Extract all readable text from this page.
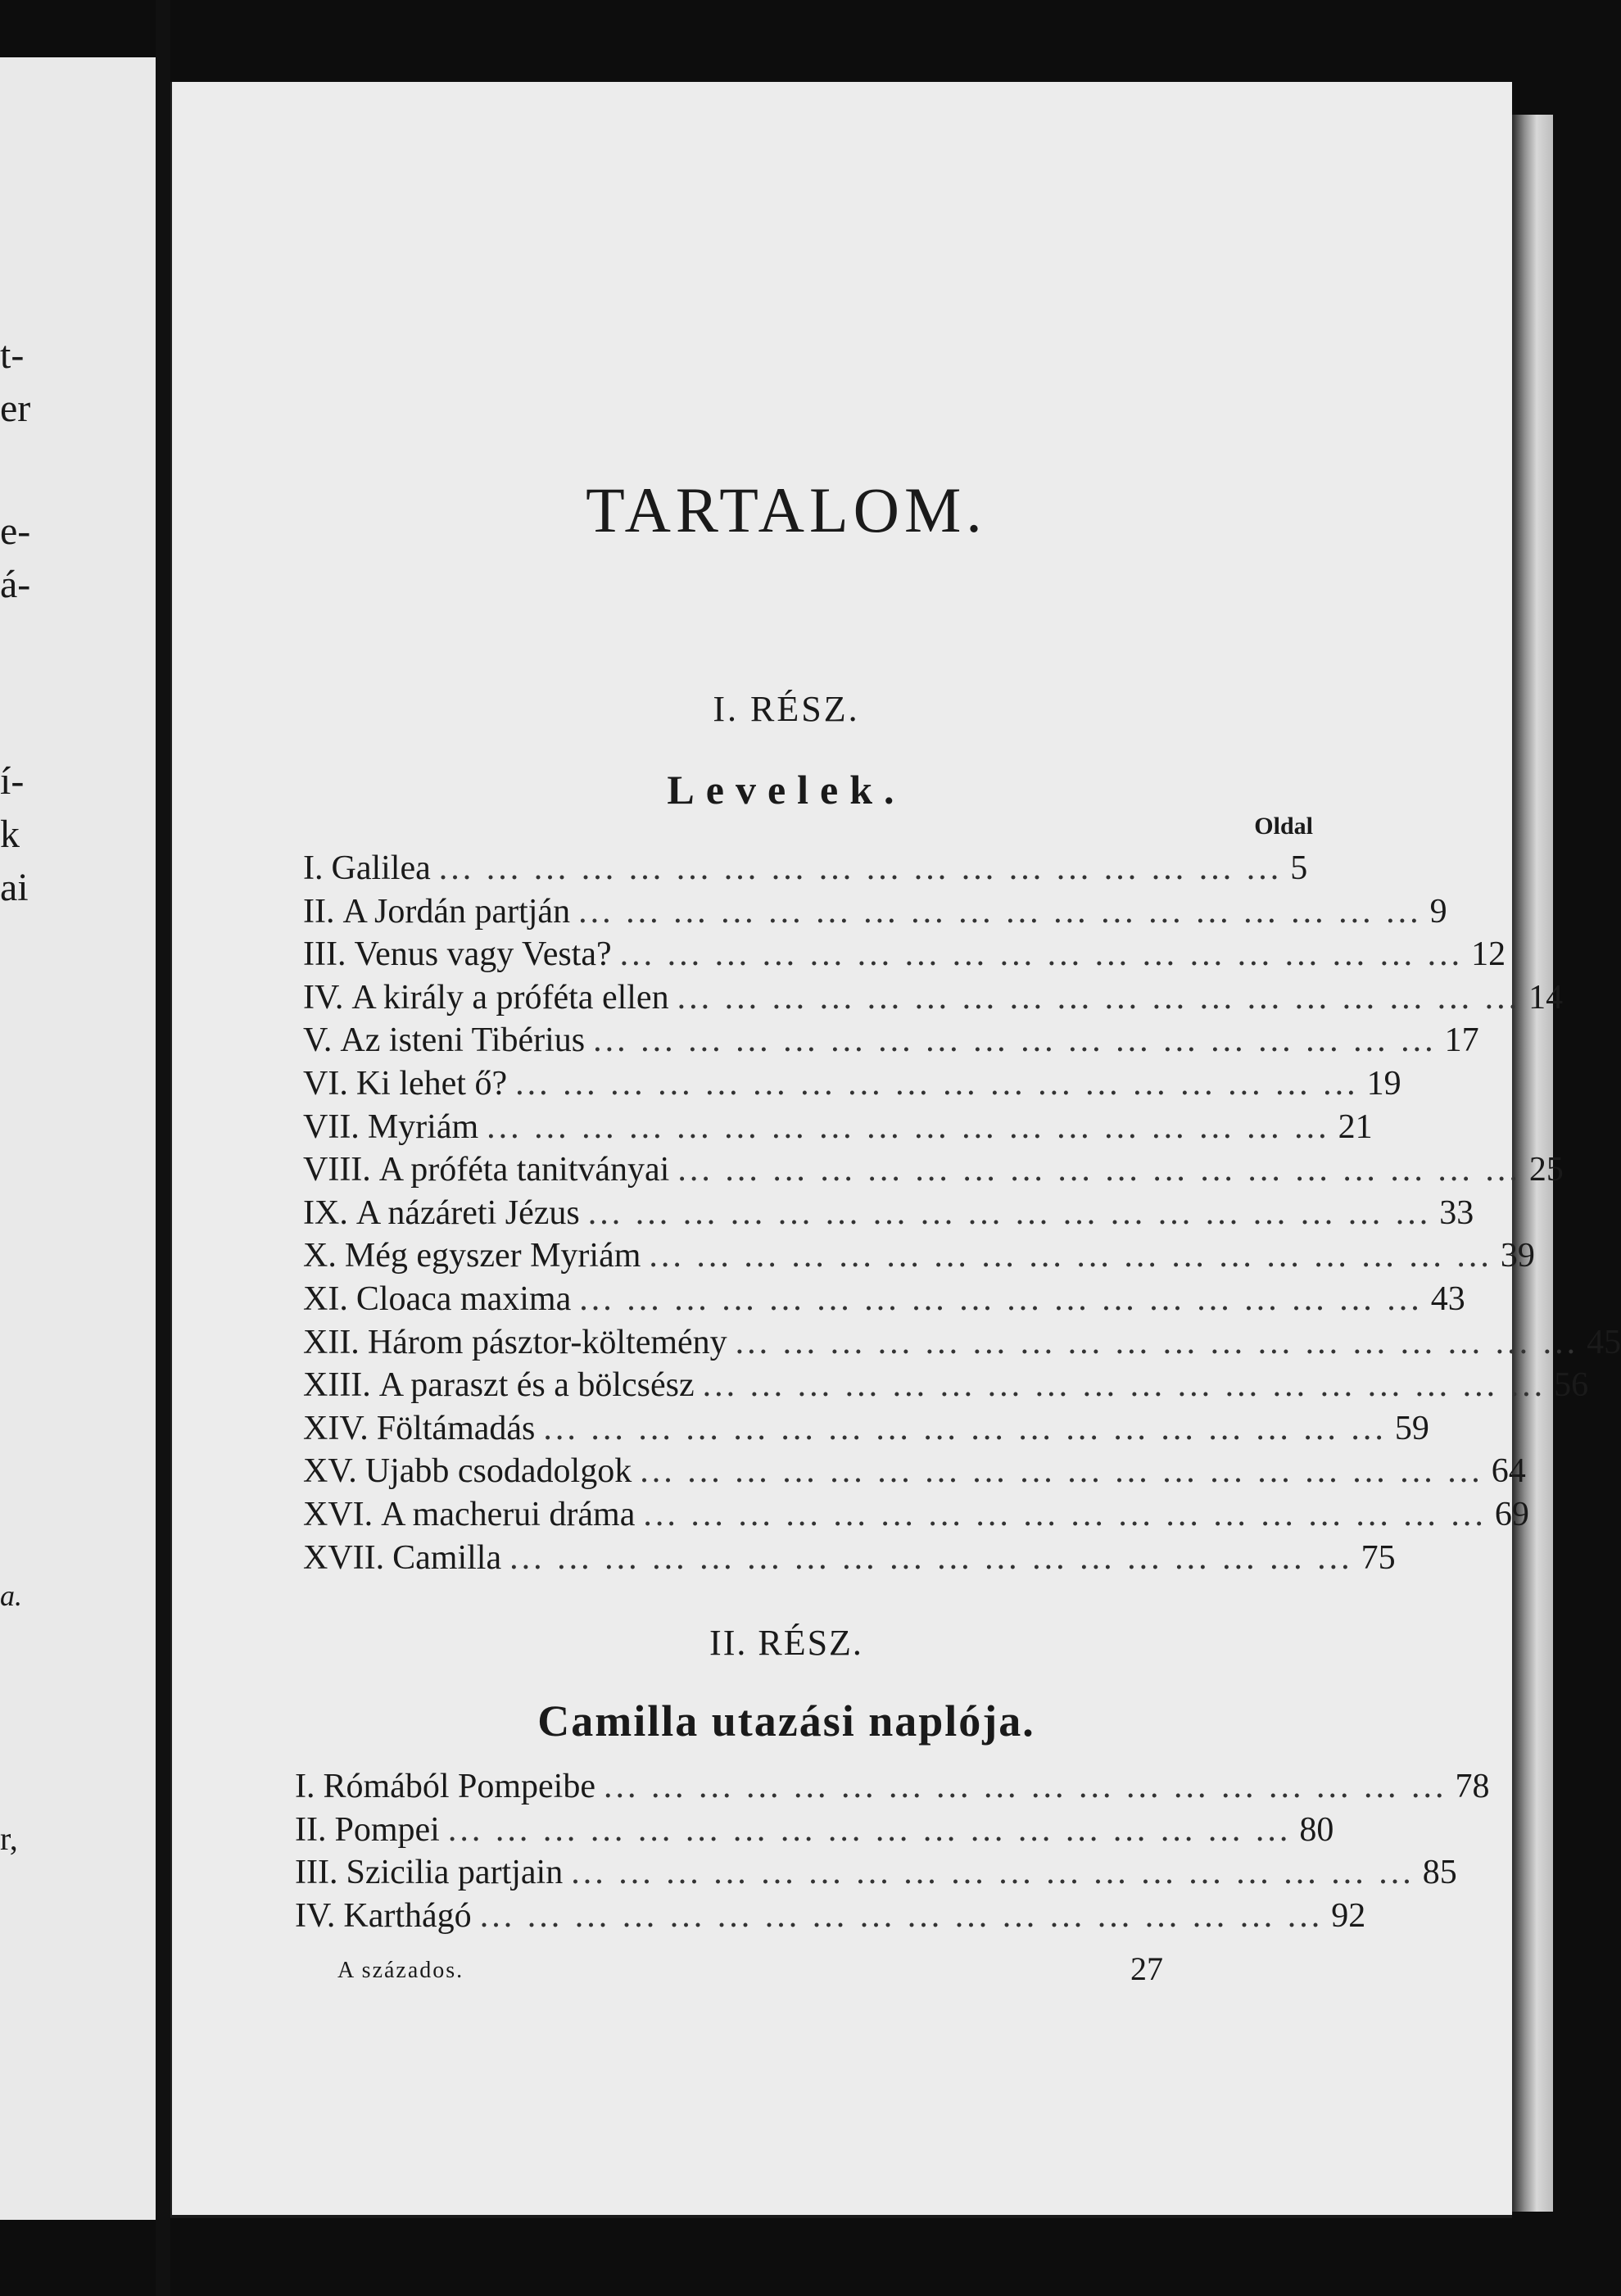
t-
er
e-
á-
í-
k
ai
a.
r,
TARTALOM.
I. RÉSZ.
Levelek.
Oldal
I. Galilea ... ... ... ... ... ... ... ... ... ... ... ... ... ... ... ... ... ... 5
II. A Jordán partján ... ... ... ... ... ... ... ... ... ... ... ... ... ... ... ... ... ... 9
III. Venus vagy Vesta? ... ... ... ... ... ... ... ... ... ... ... ... ... ... ... ... ... ... 12
IV. A király a próféta ellen ... ... ... ... ... ... ... ... ... ... ... ... ... ... ... ... ... ... 14
V. Az isteni Tibérius ... ... ... ... ... ... ... ... ... ... ... ... ... ... ... ... ... ... 17
VI. Ki lehet ő? ... ... ... ... ... ... ... ... ... ... ... ... ... ... ... ... ... ... 19
VII. Myriám ... ... ... ... ... ... ... ... ... ... ... ... ... ... ... ... ... ... 21
VIII. A próféta tanitványai ... ... ... ... ... ... ... ... ... ... ... ... ... ... ... ... ... ... 25
IX. A názáreti Jézus ... ... ... ... ... ... ... ... ... ... ... ... ... ... ... ... ... ... 33
X. Még egyszer Myriám ... ... ... ... ... ... ... ... ... ... ... ... ... ... ... ... ... ... 39
XI. Cloaca maxima ... ... ... ... ... ... ... ... ... ... ... ... ... ... ... ... ... ... 43
XII. Három pásztor-költemény ... ... ... ... ... ... ... ... ... ... ... ... ... ... ... ... ... ... 45
XIII. A paraszt és a bölcsész ... ... ... ... ... ... ... ... ... ... ... ... ... ... ... ... ... ... 56
XIV. Föltámadás ... ... ... ... ... ... ... ... ... ... ... ... ... ... ... ... ... ... 59
XV. Ujabb csodadolgok ... ... ... ... ... ... ... ... ... ... ... ... ... ... ... ... ... ... 64
XVI. A macherui dráma ... ... ... ... ... ... ... ... ... ... ... ... ... ... ... ... ... ... 69
XVII. Camilla ... ... ... ... ... ... ... ... ... ... ... ... ... ... ... ... ... ... 75
II. RÉSZ.
Camilla utazási naplója.
I. Rómából Pompeibe ... ... ... ... ... ... ... ... ... ... ... ... ... ... ... ... ... ... 78
II. Pompei ... ... ... ... ... ... ... ... ... ... ... ... ... ... ... ... ... ... 80
III. Szicilia partjain ... ... ... ... ... ... ... ... ... ... ... ... ... ... ... ... ... ... 85
IV. Karthágó ... ... ... ... ... ... ... ... ... ... ... ... ... ... ... ... ... ... 92
A százados.	27
